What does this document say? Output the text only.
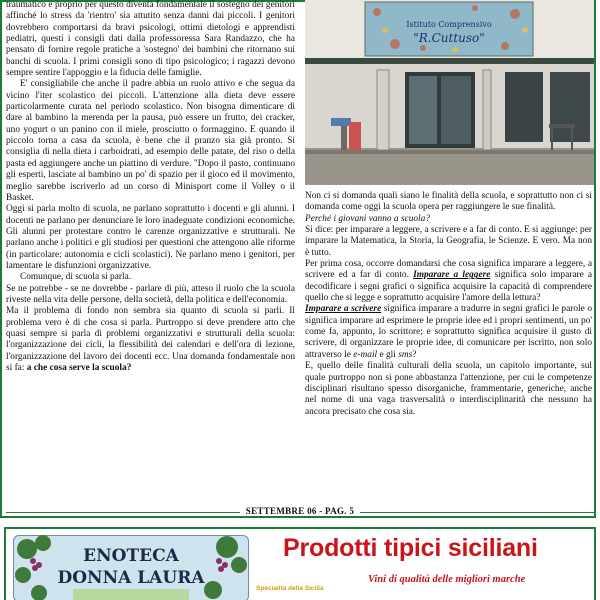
traumatico e proprio per questo diventa fondamentale il sostegno dei genitori affinché lo stress da 'rientro' sia attutito senza danni dai piccoli. I genitori dovrebbero comportarsi da bravi psicologi, ottimi dietologi e apprendisti pediatri, questi i consigli dati dalla professoressa Sara Randazzo, che ha pensato di fornire regole pratiche a 'sostegno' dei bambini che ritornano sui banchi di scuola. I primi consigli sono di tipo psicologico; i ragazzi devono sempre sentire l'appoggio e la fiducia delle famiglie.

E' consigliabile che anche il padre abbia un ruolo attivo e che segua da vicino l'iter scolastico dei piccoli. L'attenzione alla dieta deve essere particolarmente curata nel periodo scolastico. Non bisogna dimenticare di dare al bambino la merenda per la pausa, può essere un frutto, dei cracker, uno yogurt o un panino con il miele, prosciutto o formaggino. E quando il piccolo torna a casa da scuola, è bene che il pranzo sia già pronto. Si consiglia di nella dieta i carboidrati, ad esempio delle patate, del riso o della pasta ed aggiungere anche un piattino di verdure. "Dopo il pasto, continuano gli esperti, lasciate al bambino un po' di spazio per il gioco ed il movimento, meglio sarebbe iscriverlo ad un corso di Minisport come il Volley o il Basket.

Oggi si parla molto di scuola, ne parlano soprattutto i docenti e gli alunni. I docenti ne parlano per denunciare le loro inadeguate condizioni economiche. Gli alunni per protestare contro le carenze organizzative e strutturali. Ne parlano anche i politici e gli studiosi per questioni che attengono alle riforme (in particolare: autonomia e cicli scolastici). Ne parlano meno i genitori, per lamentare le disfunzioni organizzative.

Comunque, di scuola si parla.

Se ne potrebbe - se ne dovrebbe - parlare di più, atteso il ruolo che la scuola riveste nella vita delle persone, della società, della politica e dell'economia.

Ma il problema di fondo non sembra sia quanto di scuola si parli. Il problema vero è di che cosa si parla. Purtroppo si deve prendere atto che quasi sempre si parla di problemi organizzativi e strutturali della scuola: l'organizzazione dei cicli, la flessibilità dei calendari e dell'ora di lezione, l'organizzazione del lavoro dei docenti ecc. Una domanda fondamentale non si fa: a che cosa serve la scuola?

Istituto Comprensivo
"R.Cuttuso"

Non ci si domanda quali siano le finalità della scuola, e soprattutto non ci si domanda come oggi la scuola opera per raggiungere le sue finalità.

Perché i giovani vanno a scuola?

Si dice: per imparare a leggere, a scrivere e a far di conto. E si aggiunge: per imparare la Matematica, la Storia, la Geografia, le Scienze. E vero. Ma non è tutto.

Per prima cosa, occorre domandarsi che cosa significa imparare a leggere, a scrivere ed a far di conto. Imparare a leggere significa solo imparare a decodificare i segni grafici o significa acquisire la capacità di comprendere quello che si legge e soprattutto acquisire l'amore della lettura?

Imparare a scrivere significa imparare a tradurre in segni grafici le parole o significa imparare ad esprimere le proprie idee ed i propri sentimenti, un po' come fa, appunto, lo scrittore; e soprattutto significa acquisire il gusto di scrivere, di organizzare le proprie idee, di comunicare per iscritto, non solo attraverso le e-mail e gli sms?

E, quello delle finalità culturali della scuola, un capitolo importante, sul quale purtroppo non si pone abbastanza l'attenzione, per cui le competenze disciplinari risultano spesso disorganiche, frammentarie, generiche, anche nel nome di una vaga trasversalità o interdisciplinarità che nessuno ha ancora precisato che cosa sia.

SETTEMBRE 06 - PAG. 5
ENOTECA
DONNA LAURA
Specialità della Sicilia
Prodotti tipici siciliani
Vini di qualità delle migliori marche
